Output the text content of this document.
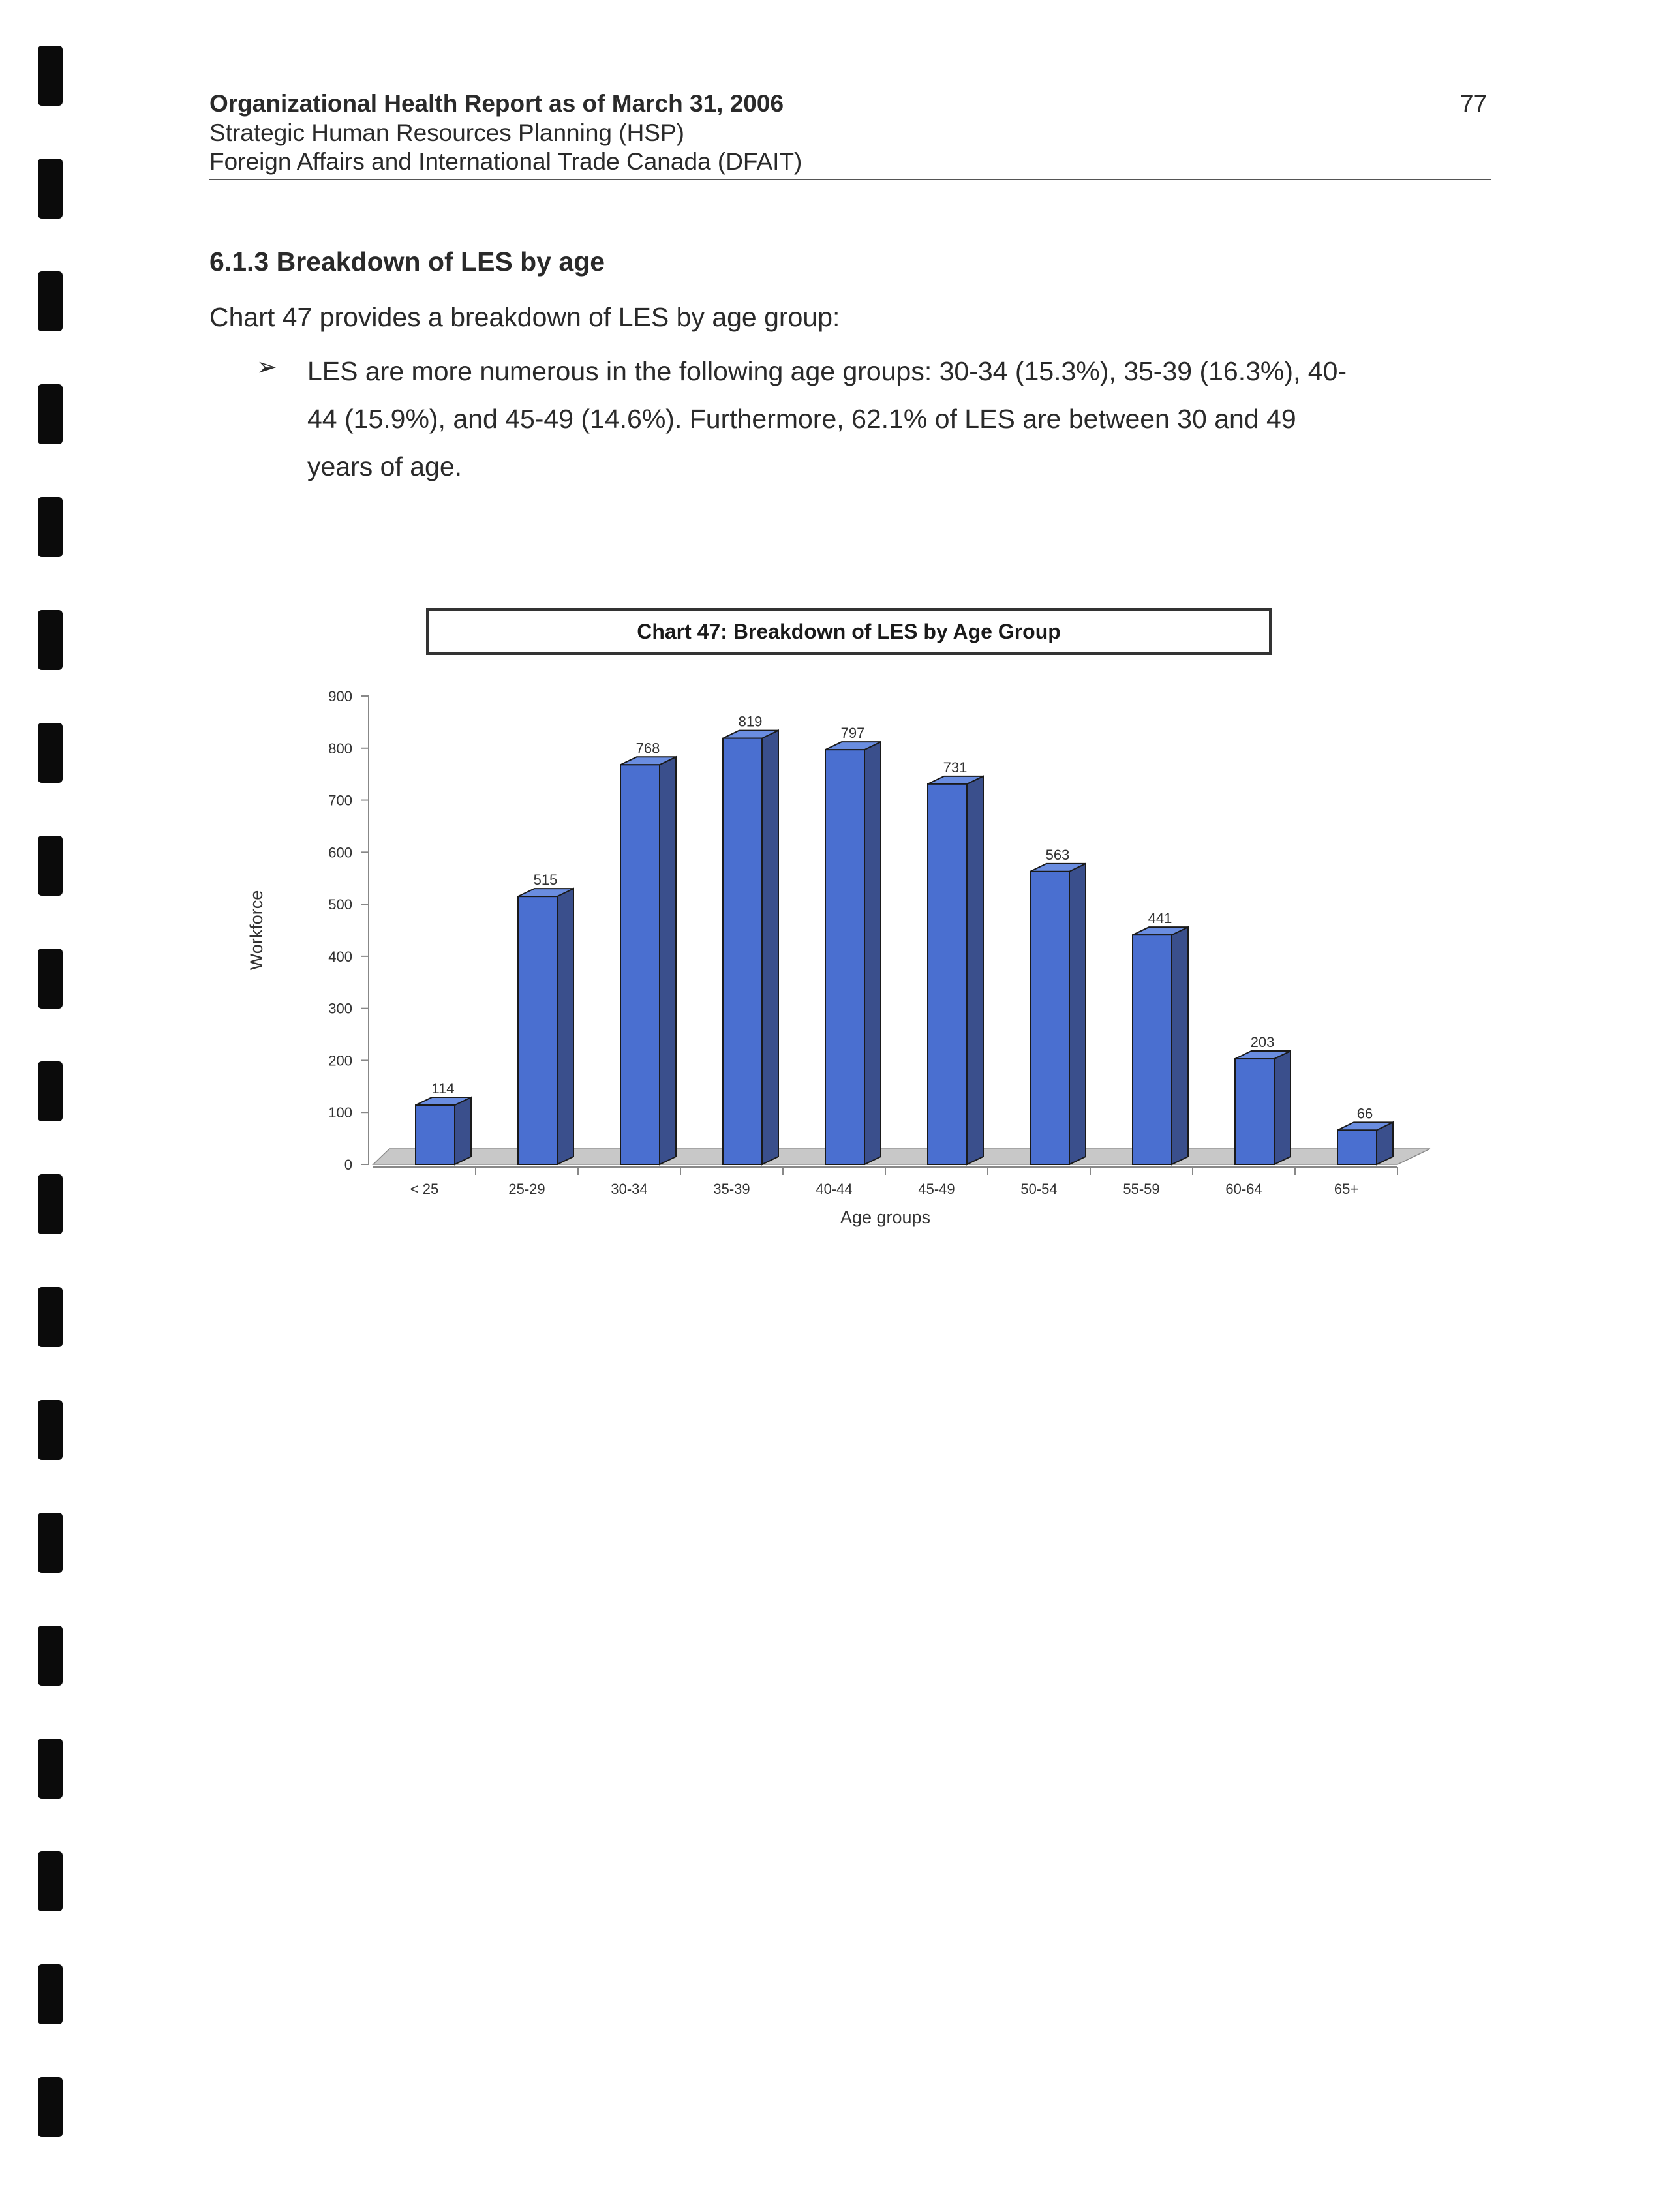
Organizational Health Report as of March 31, 2006
Strategic Human Resources Planning (HSP)
Foreign Affairs and International Trade Canada (DFAIT)
77
6.1.3 Breakdown of LES by age
Chart 47 provides a breakdown of LES by age group:
➢ LES are more numerous in the following age groups: 30-34 (15.3%), 35-39 (16.3%), 40-44 (15.9%), and 45-49 (14.6%). Furthermore, 62.1% of LES are between 30 and 49 years of age.
0
100
200
300
400
500
600
700
800
900
114
< 25
515
25-29
768
30-34
819
35-39
797
40-44
731
45-49
563
50-54
441
55-59
203
60-64
66
65+
Age groups
Workforce
Chart 47: Breakdown of LES by Age Group
